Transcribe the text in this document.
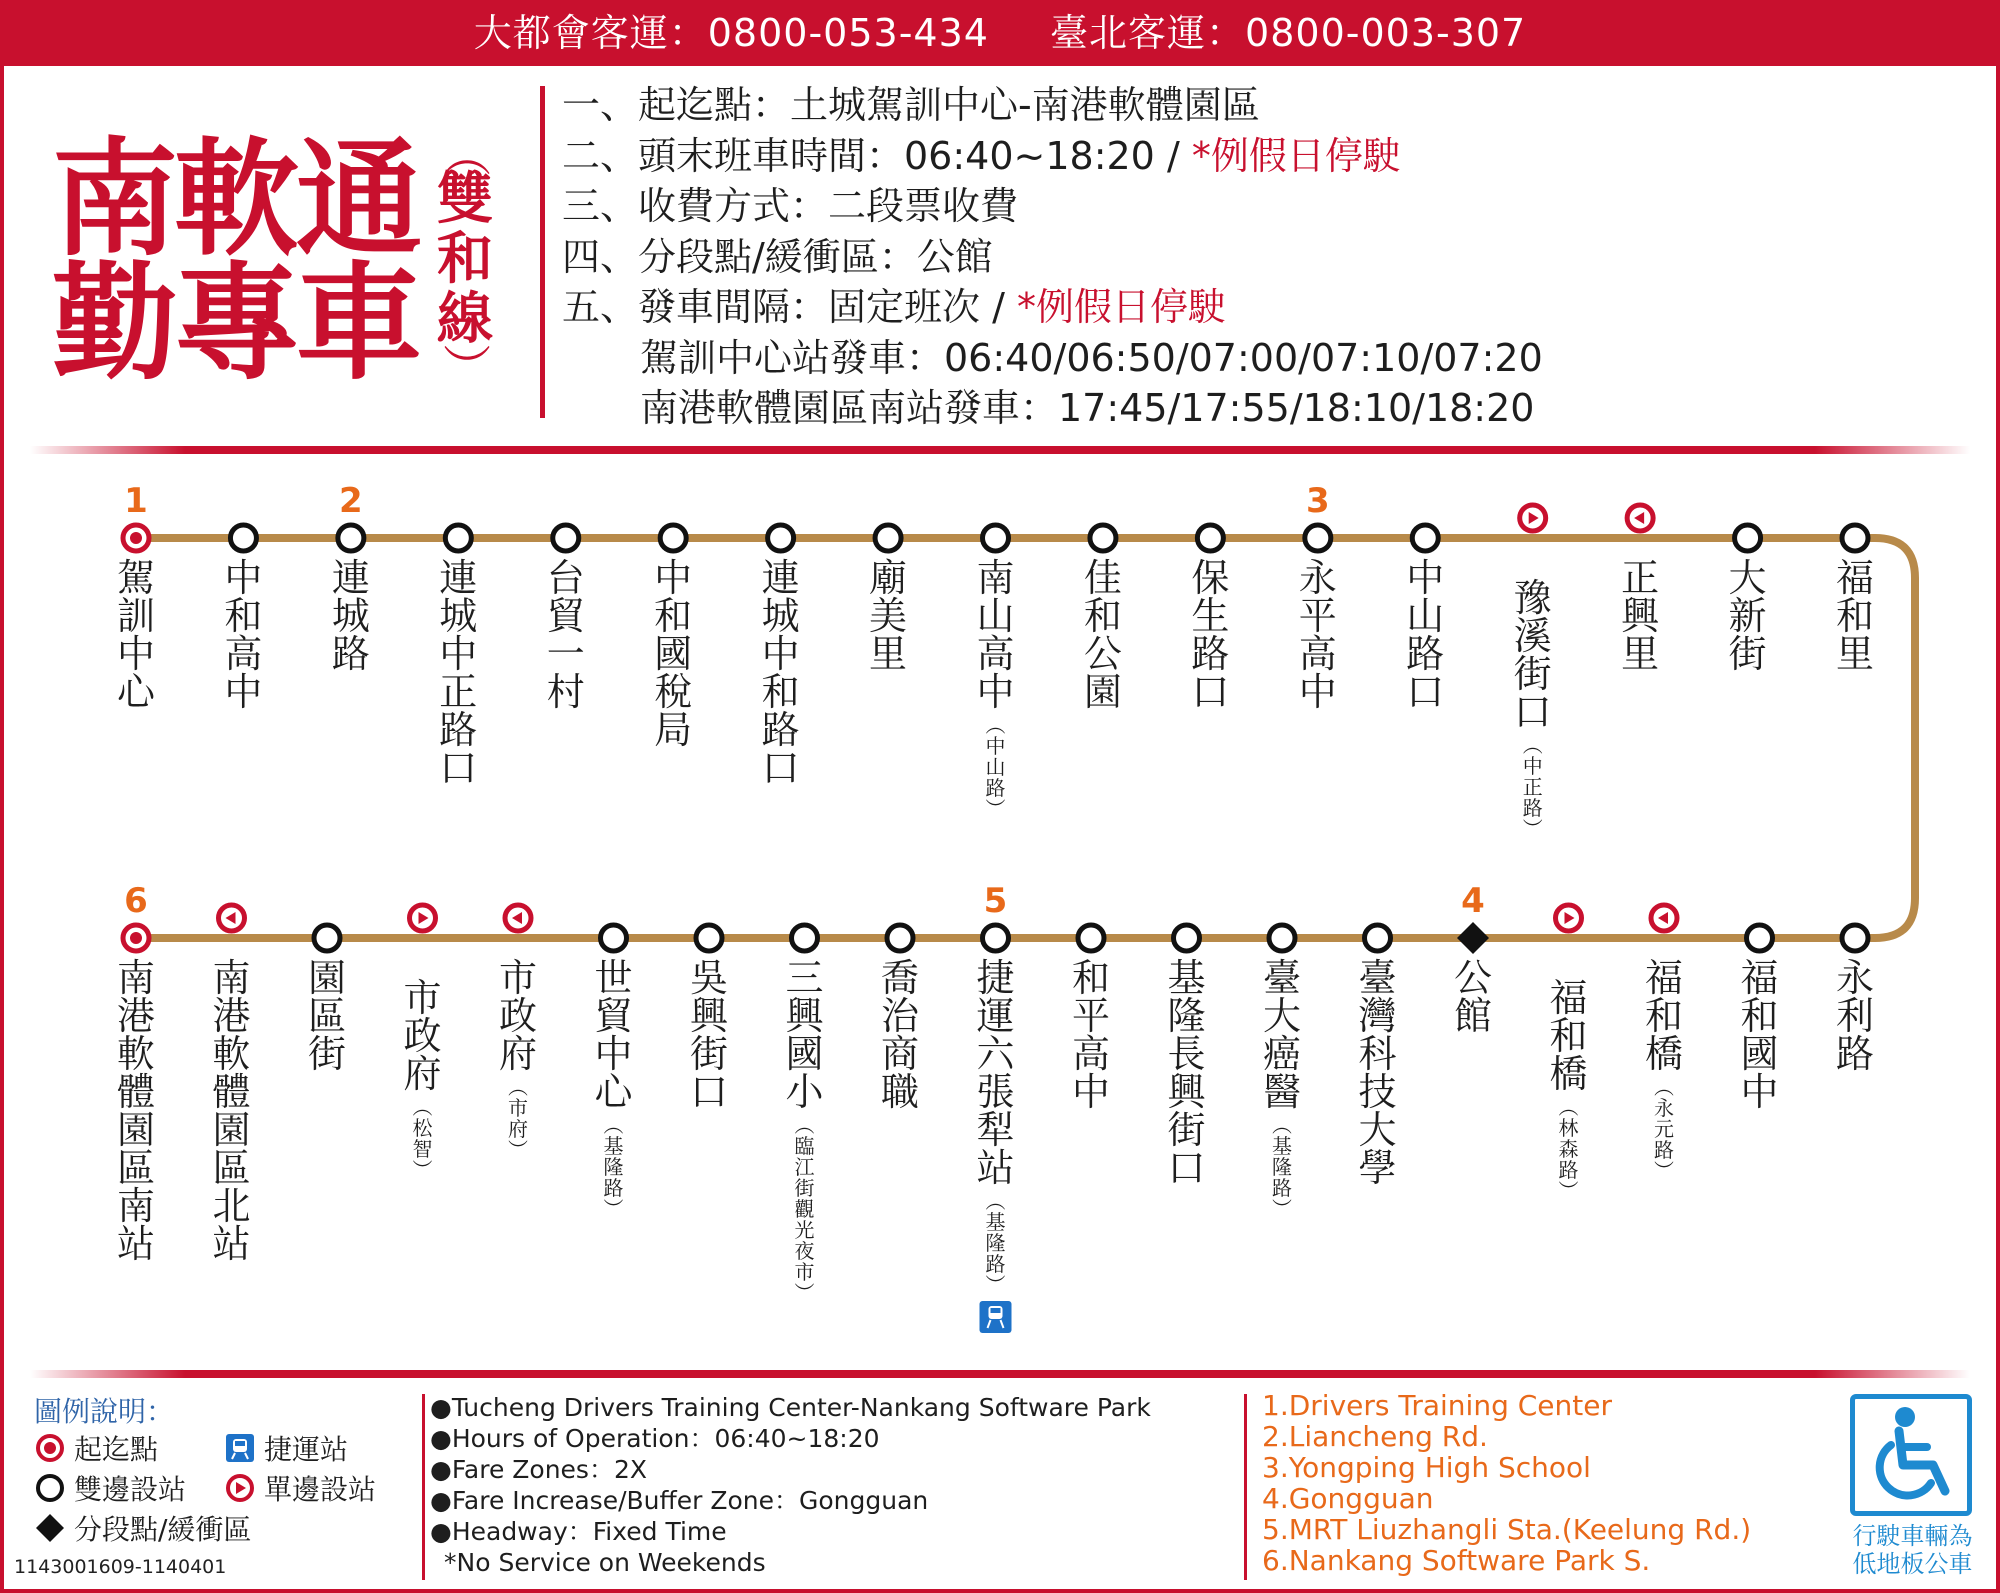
大都會客運：0800-053-434 臺北客運：0800-003-307
南軟通
勤專車
（
雙和線
）
一、起迄點：土城駕訓中心-南港軟體園區
二、頭末班車時間：06:40~18:20 / *例假日停駛
三、收費方式：二段票收費
四、分段點/緩衝區：公館
五、發車間隔：固定班次 / *例假日停駛
駕訓中心站發車：06:40/06:50/07:00/07:10/07:20
南港軟體園區南站發車：17:45/17:55/18:10/18:20
1
駕
訓
中
心
中
和
高
中
2
連
城
路
連
城
中
正
路
口
台
貿
一
村
中
和
國
稅
局
連
城
中
和
路
口
廟
美
里
南
山
高
中
︵
中
山
路
︶
佳
和
公
園
保
生
路
口
3
永
平
高
中
中
山
路
口
豫
溪
街
口
︵
中
正
路
︶
正
興
里
大
新
街
福
和
里
6
南
港
軟
體
園
區
南
站
南
港
軟
體
園
區
北
站
園
區
街
市
政
府
︵
松
智
︶
市
政
府
︵
市
府
︶
世
貿
中
心
︵
基
隆
路
︶
吳
興
街
口
三
興
國
小
︵
臨
江
街
觀
光
夜
市
︶
喬
治
商
職
5
捷
運
六
張
犁
站
︵
基
隆
路
︶
和
平
高
中
基
隆
長
興
街
口
臺
大
癌
醫
︵
基
隆
路
︶
臺
灣
科
技
大
學
4
公
館 福
和
橋
︵
林
森
路
︶
福
和
橋
︵
永
元
路
︶
福
和
國
中
永
利
路
圖例說明：
起迄點	捷運站
雙邊設站	單邊設站
分段點/緩衝區
1143001609-1140401
●Tucheng Drivers Training Center-Nankang Software Park
●Hours of Operation：06:40~18:20
●Fare Zones：2X
●Fare Increase/Buffer Zone：Gongguan
●Headway：Fixed Time
*No Service on Weekends
1.Drivers Training Center
2.Liancheng Rd.
3.Yongping High School
4.Gongguan
5.MRT Liuzhangli Sta.(Keelung Rd.)
6.Nankang Software Park S.
行駛車輛為
低地板公車
